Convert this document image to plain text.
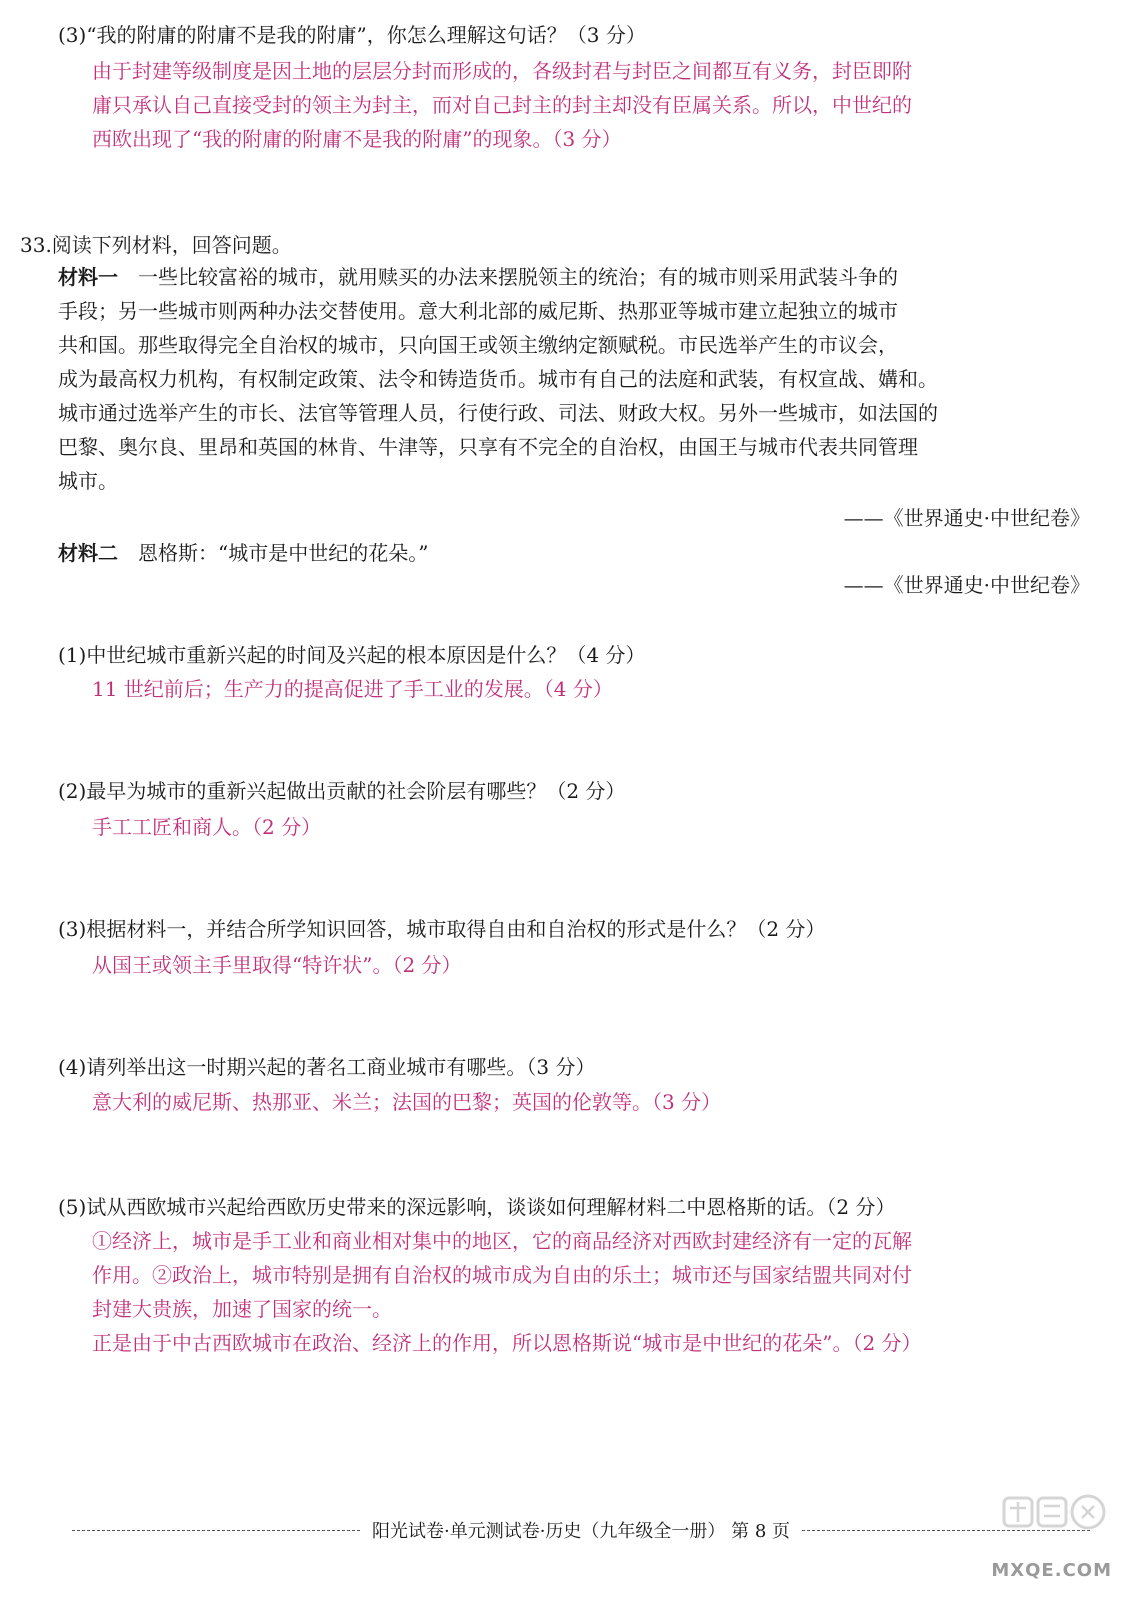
(3)“我的附庸的附庸不是我的附庸”，你怎么理解这句话？（3 分）
由于封建等级制度是因土地的层层分封而形成的，各级封君与封臣之间都互有义务，封臣即附
庸只承认自己直接受封的领主为封主，而对自己封主的封主却没有臣属关系。所以，中世纪的
西欧出现了“我的附庸的附庸不是我的附庸”的现象。（3 分）
33.阅读下列材料，回答问题。
材料一　 一些比较富裕的城市，就用赎买的办法来摆脱领主的统治；有的城市则采用武装斗争的
手段；另一些城市则两种办法交替使用。意大利北部的威尼斯、热那亚等城市建立起独立的城市
共和国。那些取得完全自治权的城市，只向国王或领主缴纳定额赋税。市民选举产生的市议会，
成为最高权力机构，有权制定政策、法令和铸造货币。城市有自己的法庭和武装，有权宣战、媾和。
城市通过选举产生的市长、法官等管理人员，行使行政、司法、财政大权。另外一些城市，如法国的
巴黎、奥尔良、里昂和英国的林肯、牛津等，只享有不完全的自治权，由国王与城市代表共同管理
城市。
——《世界通史·中世纪卷》
材料二　 恩格斯：“城市是中世纪的花朵。”
——《世界通史·中世纪卷》
(1)中世纪城市重新兴起的时间及兴起的根本原因是什么？（4 分）
11 世纪前后；生产力的提高促进了手工业的发展。（4 分）
(2)最早为城市的重新兴起做出贡献的社会阶层有哪些？（2 分）
手工工匠和商人。（2 分）
(3)根据材料一，并结合所学知识回答，城市取得自由和自治权的形式是什么？（2 分）
从国王或领主手里取得“特许状”。（2 分）
(4)请列举出这一时期兴起的著名工商业城市有哪些。（3 分）
意大利的威尼斯、热那亚、米兰；法国的巴黎；英国的伦敦等。（3 分）
(5)试从西欧城市兴起给西欧历史带来的深远影响，谈谈如何理解材料二中恩格斯的话。（2 分）
①经济上，城市是手工业和商业相对集中的地区，它的商品经济对西欧封建经济有一定的瓦解
作用。②政治上，城市特别是拥有自治权的城市成为自由的乐土；城市还与国家结盟共同对付
封建大贵族，加速了国家的统一。
正是由于中古西欧城市在政治、经济上的作用，所以恩格斯说“城市是中世纪的花朵”。（2 分）
阳光试卷·单元测试卷·历史（九年级全一册） 第 8 页
MXQE.COM
